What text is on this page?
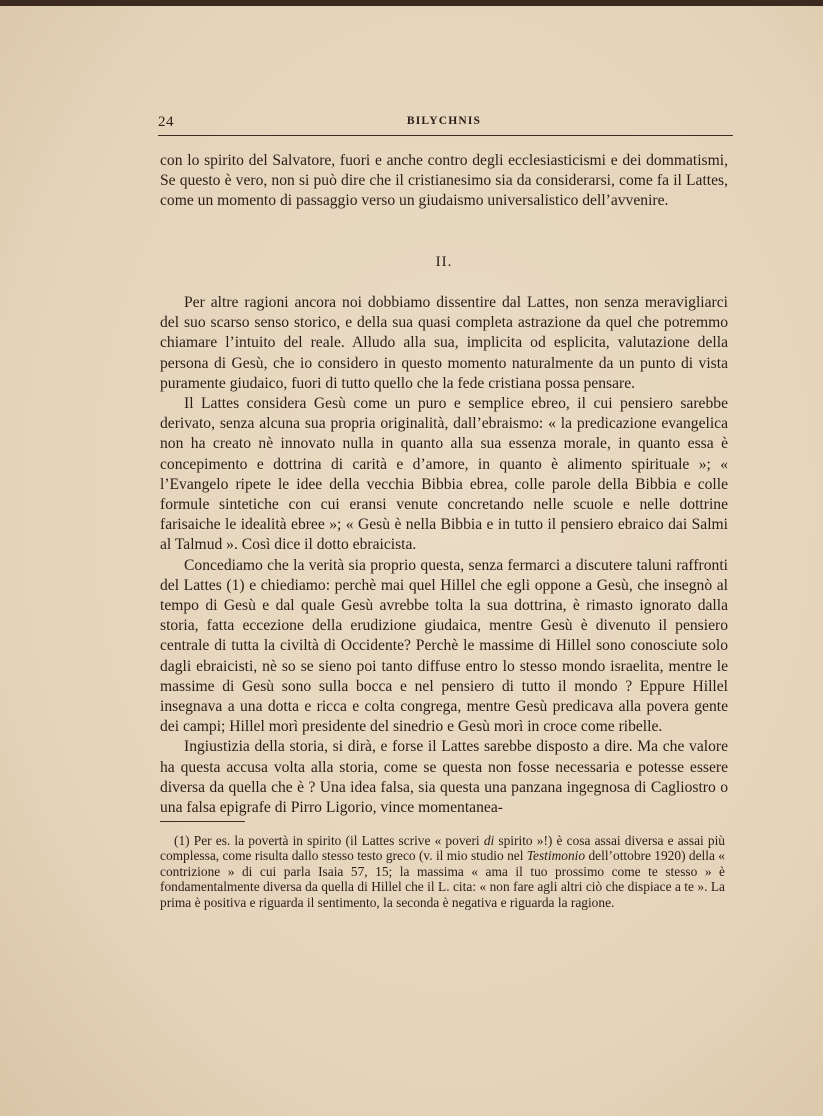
24	BILYCHNIS

con lo spirito del Salvatore, fuori e anche contro degli ecclesiasticismi e dei dommatismi, Se questo è vero, non si può dire che il cristianesimo sia da considerarsi, come fa il Lattes, come un momento di passaggio verso un giudaismo universalistico dell’avvenire.

II.

Per altre ragioni ancora noi dobbiamo dissentire dal Lattes, non senza meravigliarci del suo scarso senso storico, e della sua quasi completa astrazione da quel che potremmo chiamare l’intuito del reale. Alludo alla sua, implicita od esplicita, valutazione della persona di Gesù, che io considero in questo momento naturalmente da un punto di vista puramente giudaico, fuori di tutto quello che la fede cristiana possa pensare.

Il Lattes considera Gesù come un puro e semplice ebreo, il cui pensiero sarebbe derivato, senza alcuna sua propria originalità, dall’ebraismo: « la predicazione evangelica non ha creato nè innovato nulla in quanto alla sua essenza morale, in quanto essa è concepimento e dottrina di carità e d’amore, in quanto è alimento spirituale »; « l’Evangelo ripete le idee della vecchia Bibbia ebrea, colle parole della Bibbia e colle formule sintetiche con cui eransi venute concretando nelle scuole e nelle dottrine farisaiche le idealità ebree »; « Gesù è nella Bibbia e in tutto il pensiero ebraico dai Salmi al Talmud ». Così dice il dotto ebraicista.

Concediamo che la verità sia proprio questa, senza fermarci a discutere taluni raffronti del Lattes (1) e chiediamo: perchè mai quel Hillel che egli oppone a Gesù, che insegnò al tempo di Gesù e dal quale Gesù avrebbe tolta la sua dottrina, è rimasto ignorato dalla storia, fatta eccezione della erudizione giudaica, mentre Gesù è divenuto il pensiero centrale di tutta la civiltà di Occidente? Perchè le massime di Hillel sono conosciute solo dagli ebraicisti, nè so se sieno poi tanto diffuse entro lo stesso mondo israelita, mentre le massime di Gesù sono sulla bocca e nel pensiero di tutto il mondo ? Eppure Hillel insegnava a una dotta e ricca e colta congrega, mentre Gesù predicava alla povera gente dei campi; Hillel morì presidente del sinedrio e Gesù morì in croce come ribelle.

Ingiustizia della storia, si dirà, e forse il Lattes sarebbe disposto a dire. Ma che valore ha questa accusa volta alla storia, come se questa non fosse necessaria e potesse essere diversa da quella che è ? Una idea falsa, sia questa una panzana ingegnosa di Cagliostro o una falsa epigrafe di Pirro Ligorio, vince momentanea-

(1) Per es. la povertà in spirito (il Lattes scrive « poveri di spirito »!) è cosa assai diversa e assai più complessa, come risulta dallo stesso testo greco (v. il mio studio nel Testimonio dell’ottobre 1920) della « contrizione » di cui parla Isaia 57, 15; la massima « ama il tuo prossimo come te stesso » è fondamentalmente diversa da quella di Hillel che il L. cita: « non fare agli altri ciò che dispiace a te ». La prima è positiva e riguarda il sentimento, la seconda è negativa e riguarda la ragione.
